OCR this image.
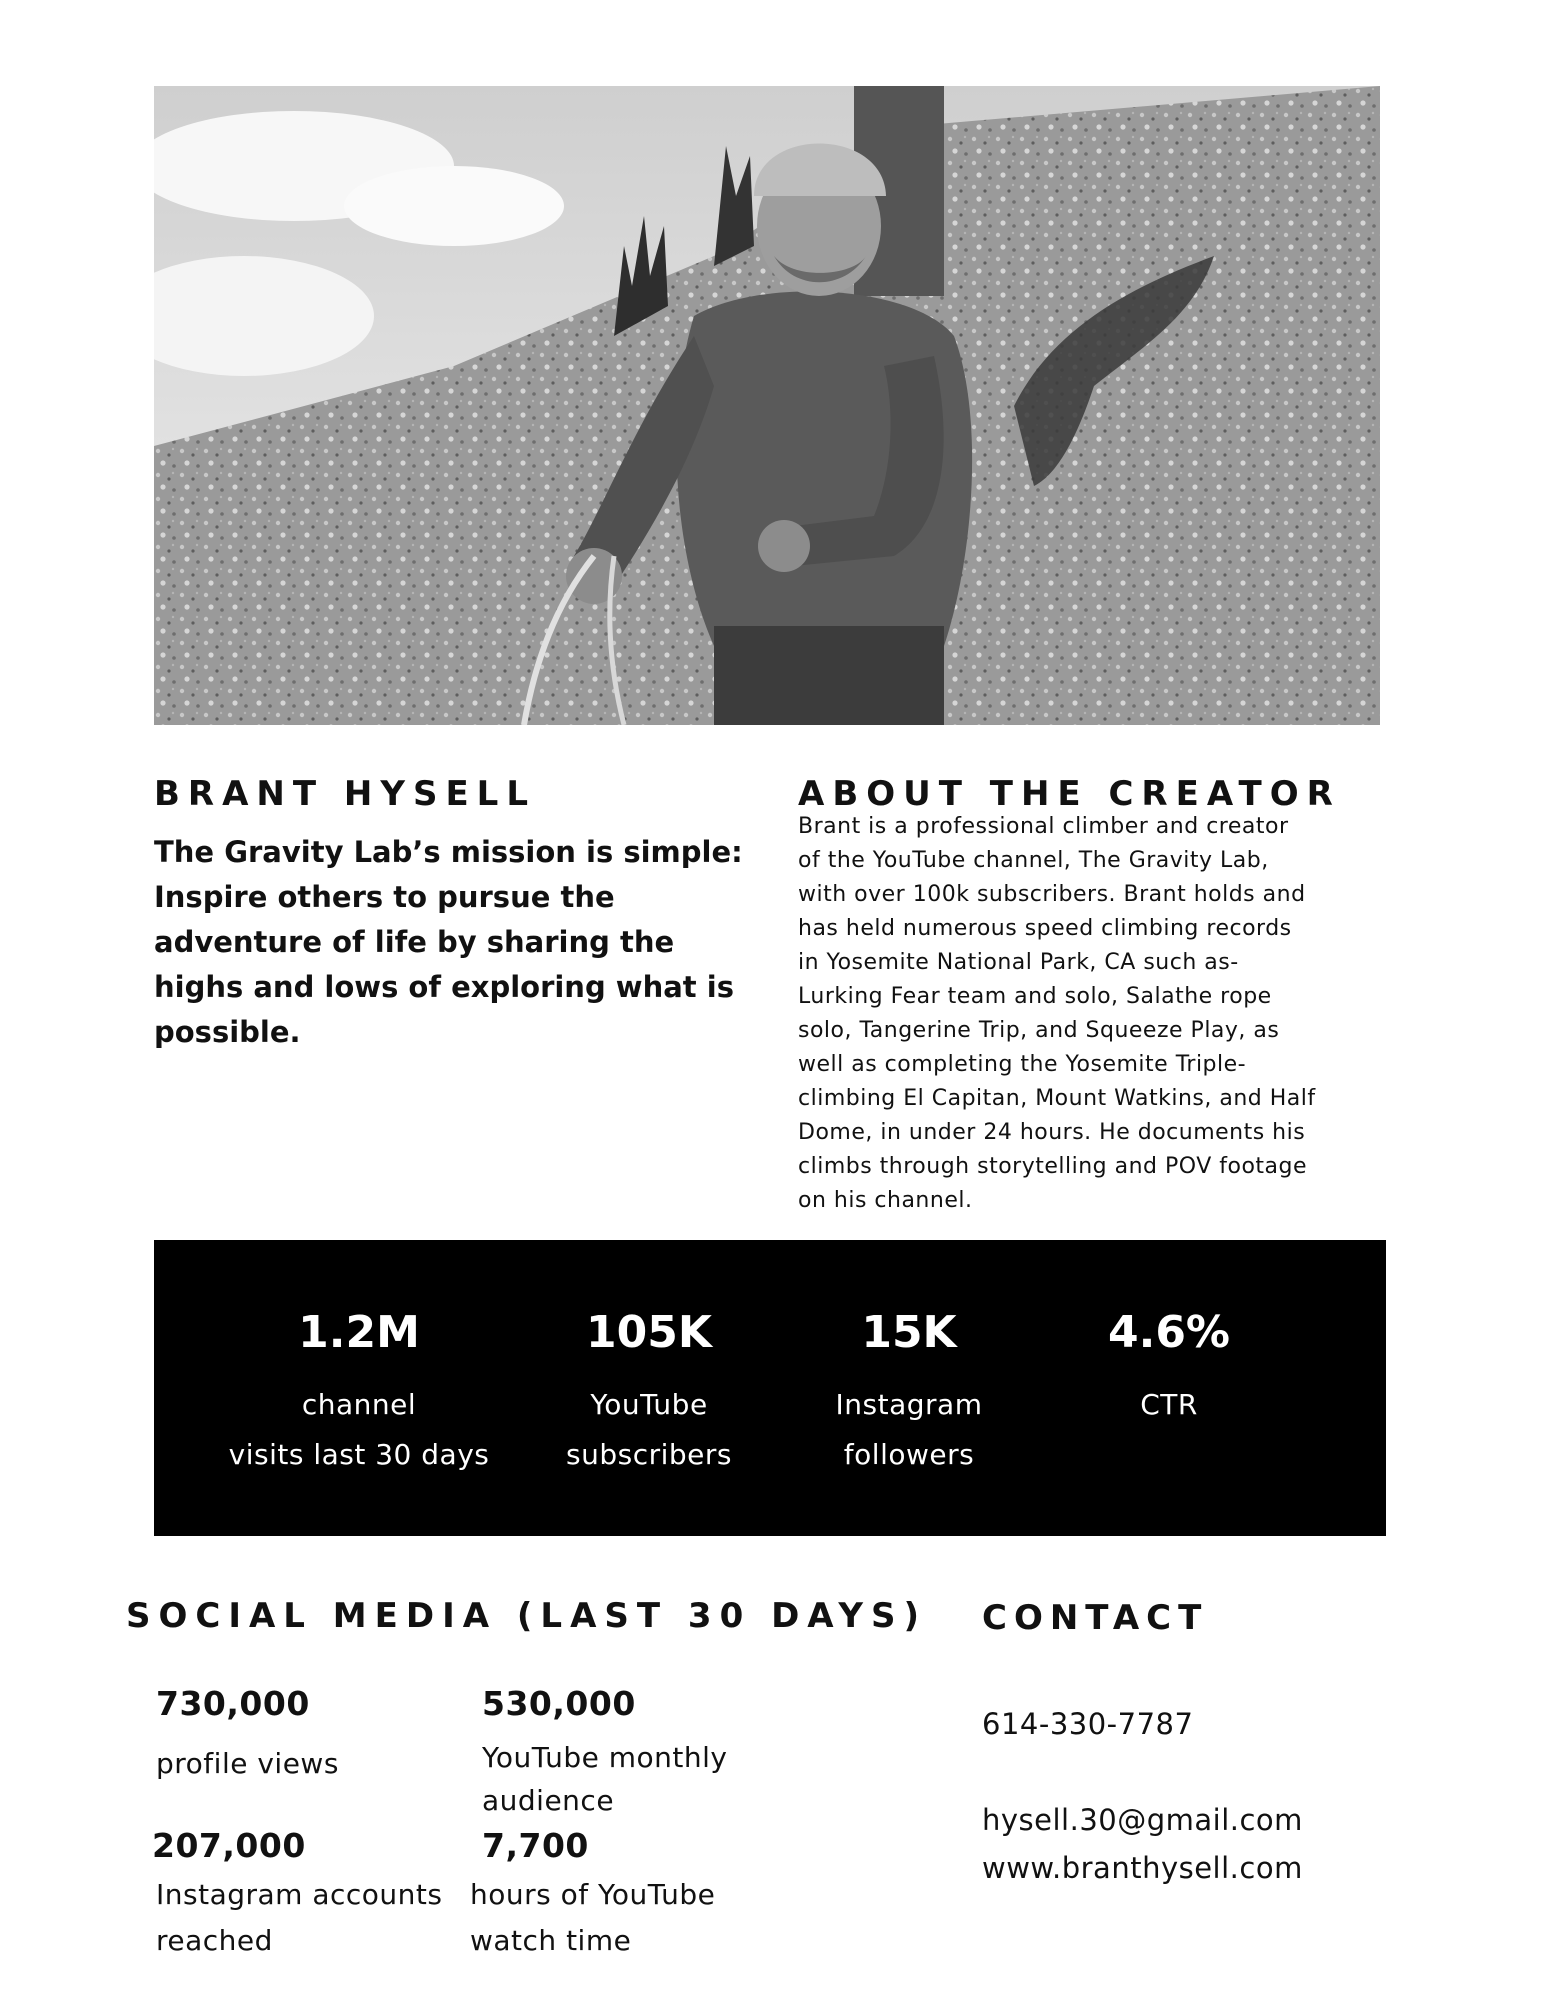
BRANT HYSELL
The Gravity Lab’s mission is simple: Inspire others to pursue the adventure of life by sharing the highs and lows of exploring what is possible.
ABOUT THE CREATOR
Brant is a professional climber and creator of the YouTube channel, The Gravity Lab, with over 100k subscribers. Brant holds and has held numerous speed climbing records in Yosemite National Park, CA such as- Lurking Fear team and solo, Salathe rope solo, Tangerine Trip, and Squeeze Play, as well as completing the Yosemite Triple- climbing El Capitan, Mount Watkins, and Half Dome, in under 24 hours. He documents his climbs through storytelling and POV footage on his channel.
1.2M
channel
visits last 30 days
105K
YouTube
subscribers
15K
Instagram
followers
4.6%
CTR
SOCIAL MEDIA (LAST 30 DAYS)
730,000
profile views
530,000
YouTube monthly
audience
207,000
Instagram accounts
reached
7,700
hours of YouTube
watch time
CONTACT
614-330-7787
hysell.30@gmail.com
www.branthysell.com
